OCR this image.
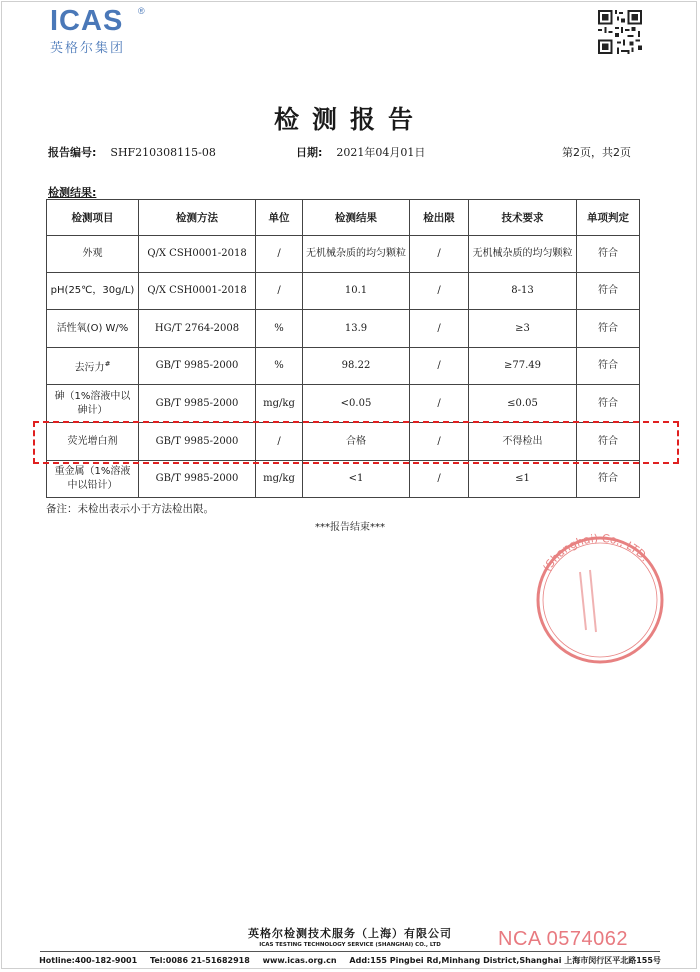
ICAS	®
英格尔集团
检测报告
报告编号: SHF210308115-08	日期: 2021年04月01日	第2页，共2页
检测结果:
检测项目	检测方法	单位	检测结果	检出限	技术要求	单项判定
外观	Q/X CSH0001-2018	/	无机械杂质的均匀颗粒	/	无机械杂质的均匀颗粒	符合
pH(25℃，30g/L)	Q/X CSH0001-2018	/	10.1	/	8-13	符合
活性氧(O) W/%	HG/T 2764-2008	%	13.9	/	≥3	符合
去污力#	GB/T 9985-2000	%	98.22	/	≥77.49	符合
砷（1%溶液中以砷计）	GB/T 9985-2000	mg/kg	<0.05	/	≤0.05	符合
荧光增白剂	GB/T 9985-2000	/	合格	/	不得检出	符合
重金属（1%溶液中以铅计）	GB/T 9985-2000	mg/kg	<1	/	≤1	符合
备注：未检出表示小于方法检出限。
***报告结束***
(Shanghai) Co., LTD.
英格尔检测技术服务（上海）有限公司
ICAS TESTING TECHNOLOGY SERVICE (SHANGHAI) CO., LTD	NCA 0574062
Hotline:400-182-9001 Tel:0086 21-51682918 www.icas.org.cn Add:155 Pingbei Rd,Minhang District,Shanghai 上海市闵行区平北路155号
